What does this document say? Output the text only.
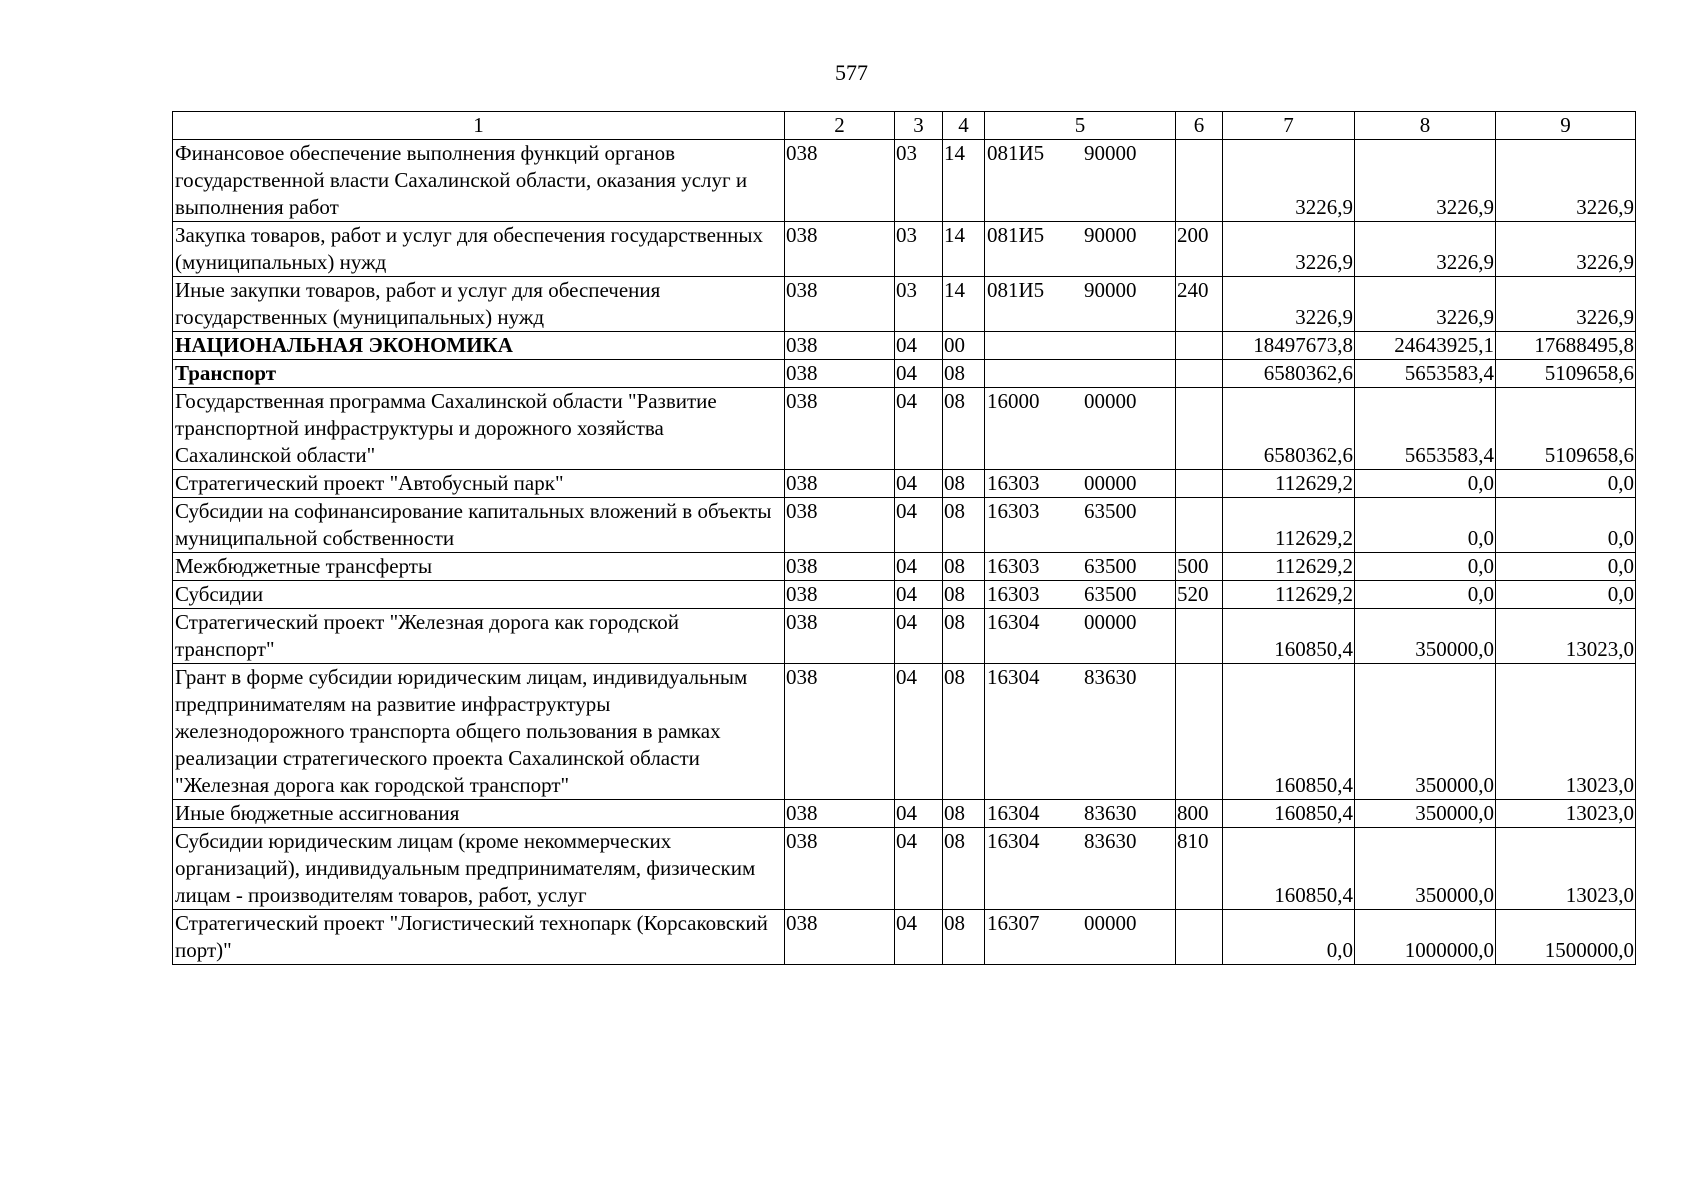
577
1	2	3	4	5	6	7	8	9
Финансовое обеспечение выполнения функций органов государственной власти Сахалинской области, оказания услуг и выполнения работ	038	03	14	081И5 90000		3226,9	3226,9	3226,9
Закупка товаров, работ и услуг для обеспечения государственных (муниципальных) нужд	038	03	14	081И5 90000	200	3226,9	3226,9	3226,9
Иные закупки товаров, работ и услуг для обеспечения государственных (муниципальных) нужд	038	03	14	081И5 90000	240	3226,9	3226,9	3226,9
НАЦИОНАЛЬНАЯ ЭКОНОМИКА	038	04	00			18497673,8	24643925,1	17688495,8
Транспорт	038	04	08			6580362,6	5653583,4	5109658,6
Государственная программа Сахалинской области "Развитие транспортной инфраструктуры и дорожного хозяйства Сахалинской области"	038	04	08	16000 00000		6580362,6	5653583,4	5109658,6
Стратегический проект "Автобусный парк"	038	04	08	16303 00000		112629,2	0,0	0,0
Субсидии на софинансирование капитальных вложений в объекты муниципальной собственности	038	04	08	16303 63500		112629,2	0,0	0,0
Межбюджетные трансферты	038	04	08	16303 63500	500	112629,2	0,0	0,0
Субсидии	038	04	08	16303 63500	520	112629,2	0,0	0,0
Стратегический проект "Железная дорога как городской транспорт"	038	04	08	16304 00000		160850,4	350000,0	13023,0
Грант в форме субсидии юридическим лицам, индивидуальным предпринимателям на развитие инфраструктуры железнодорожного транспорта общего пользования в рамках реализации стратегического проекта Сахалинской области "Железная дорога как городской транспорт"	038	04	08	16304 83630		160850,4	350000,0	13023,0
Иные бюджетные ассигнования	038	04	08	16304 83630	800	160850,4	350000,0	13023,0
Субсидии юридическим лицам (кроме некоммерческих организаций), индивидуальным предпринимателям, физическим лицам - производителям товаров, работ, услуг	038	04	08	16304 83630	810	160850,4	350000,0	13023,0
Стратегический проект "Логистический технопарк (Корсаковский порт)"	038	04	08	16307 00000		0,0	1000000,0	1500000,0
